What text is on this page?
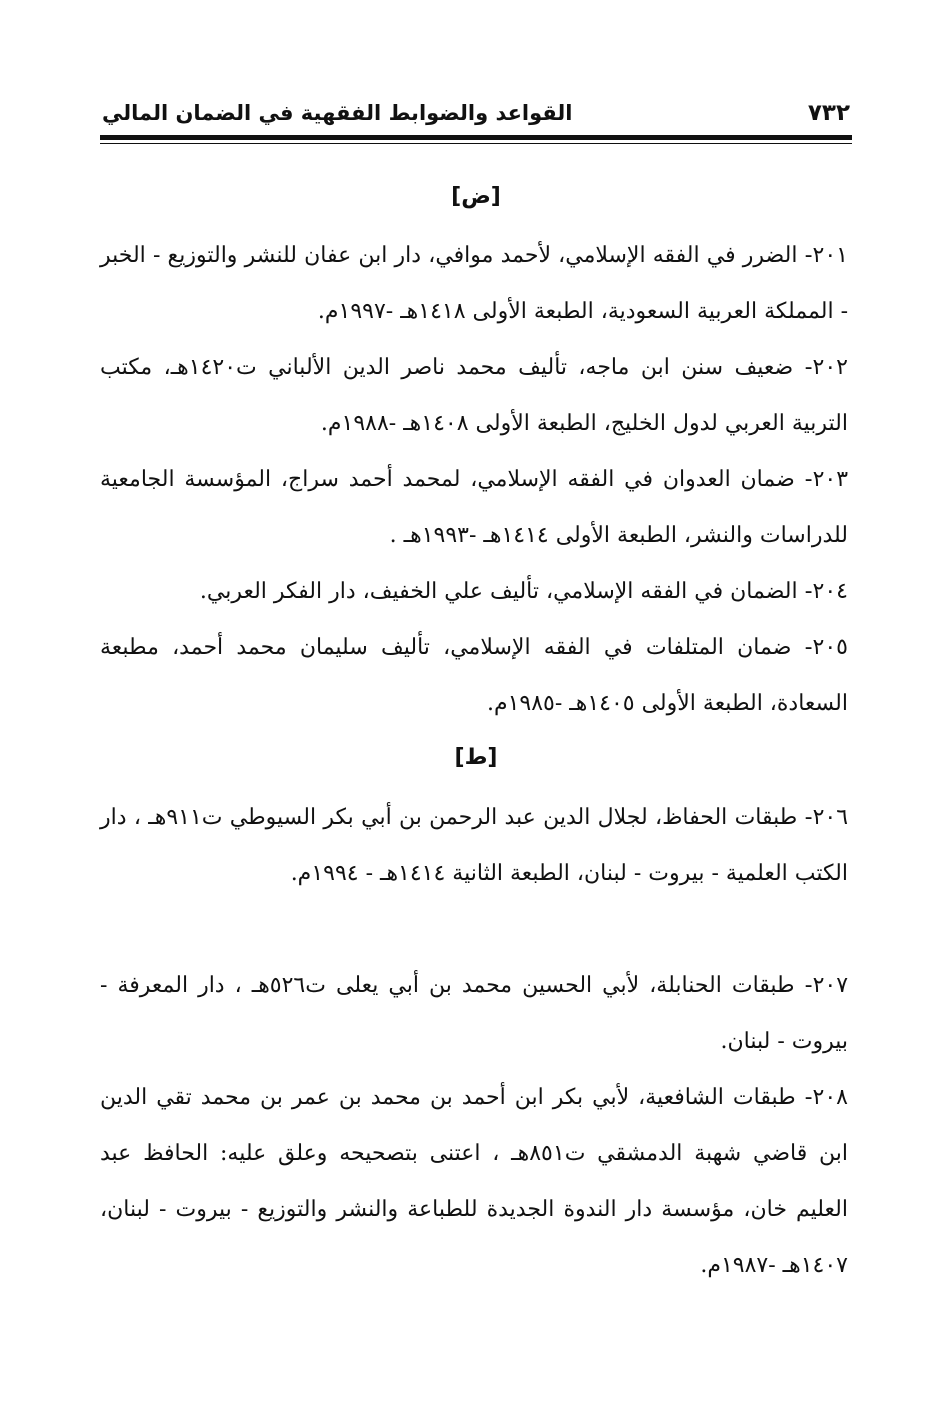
٧٣٢
القواعد والضوابط الفقهية في الضمان المالي
[ض]
٢٠١- الضرر في الفقه الإسلامي، لأحمد موافي، دار ابن عفان للنشر والتوزيع - الخبر - المملكة العربية السعودية، الطبعة الأولى ١٤١٨هـ -١٩٩٧م.
٢٠٢- ضعيف سنن ابن ماجه، تأليف محمد ناصر الدين الألباني ت١٤٢٠هـ، مكتب التربية العربي لدول الخليج، الطبعة الأولى ١٤٠٨هـ -١٩٨٨م.
٢٠٣- ضمان العدوان في الفقه الإسلامي، لمحمد أحمد سراج، المؤسسة الجامعية للدراسات والنشر، الطبعة الأولى ١٤١٤هـ -١٩٩٣هـ .
٢٠٤- الضمان في الفقه الإسلامي، تأليف علي الخفيف، دار الفكر العربي.
٢٠٥- ضمان المتلفات في الفقه الإسلامي، تأليف سليمان محمد أحمد، مطبعة السعادة، الطبعة الأولى ١٤٠٥هـ -١٩٨٥م.
[ط]
٢٠٦- طبقات الحفاظ، لجلال الدين عبد الرحمن بن أبي بكر السيوطي ت٩١١هـ ، دار الكتب العلمية - بيروت - لبنان، الطبعة الثانية ١٤١٤هـ - ١٩٩٤م.
٢٠٧- طبقات الحنابلة، لأبي الحسين محمد بن أبي يعلى ت٥٢٦هـ ، دار المعرفة - بيروت - لبنان.
٢٠٨- طبقات الشافعية، لأبي بكر ابن أحمد بن محمد بن عمر بن محمد تقي الدين ابن قاضي شهبة الدمشقي ت٨٥١هـ ، اعتنى بتصحيحه وعلق عليه: الحافظ عبد العليم خان، مؤسسة دار الندوة الجديدة للطباعة والنشر والتوزيع - بيروت - لبنان، ١٤٠٧هـ -١٩٨٧م.
